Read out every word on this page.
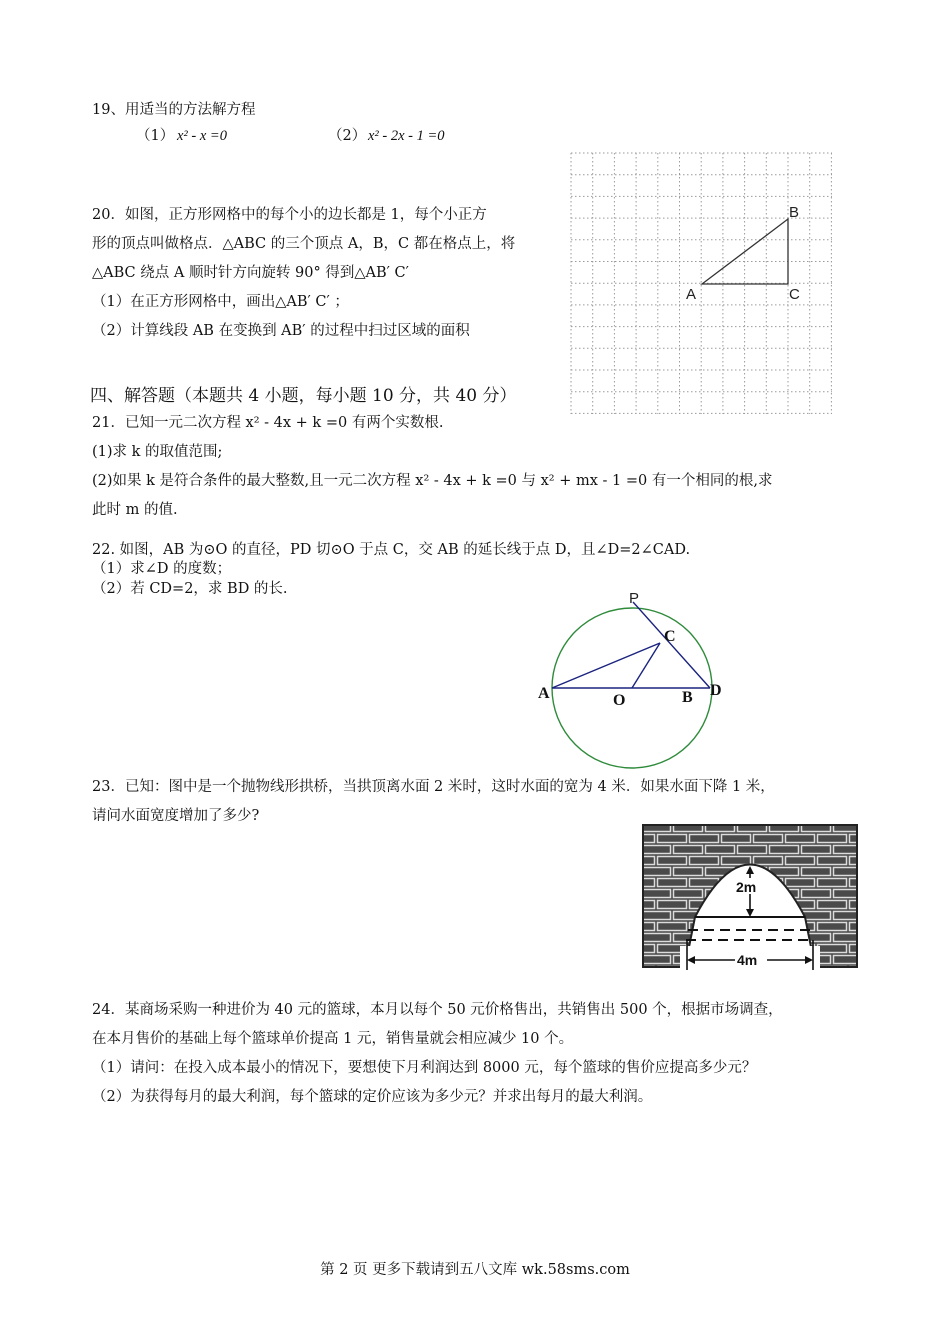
19、用适当的方法解方程
（1） x² - x =0	（2） x² - 2x - 1 =0
20．如图，正方形网格中的每个小的边长都是 1，每个小正方
形的顶点叫做格点．△ABC 的三个顶点 A，B，C 都在格点上，将
△ABC 绕点 A 顺时针方向旋转 90° 得到△AB′ C′
（1）在正方形网格中，画出△AB′ C′ ；
（2）计算线段 AB 在变换到 AB′ 的过程中扫过区域的面积
B
A	C
四、解答题（本题共 4 小题，每小题 10 分，共 40 分）
21．已知一元二次方程 x² - 4x + k =0 有两个实数根.
(1)求 k 的取值范围;
(2)如果 k 是符合条件的最大整数,且一元二次方程 x² - 4x + k =0 与 x² + mx - 1 =0 有一个相同的根,求
此时 m 的值.
22. 如图，AB 为⊙O 的直径，PD 切⊙O 于点 C，交 AB 的延长线于点 D，且∠D=2∠CAD.
（1）求∠D 的度数；
（2）若 CD=2，求 BD 的长.
P
C
A	O	B D
23．已知：图中是一个抛物线形拱桥，当拱顶离水面 2 米时，这时水面的宽为 4 米．如果水面下降 1 米，
请问水面宽度增加了多少?
2m
4m
24．某商场采购一种进价为 40 元的篮球，本月以每个 50 元价格售出，共销售出 500 个，根据市场调查，
在本月售价的基础上每个篮球单价提高 1 元，销售量就会相应减少 10 个。
（1）请问：在投入成本最小的情况下，要想使下月利润达到 8000 元，每个篮球的售价应提高多少元？
（2）为获得每月的最大利润，每个篮球的定价应该为多少元？并求出每月的最大利润。
第 2 页 更多下载请到五八文库 wk.58sms.com
